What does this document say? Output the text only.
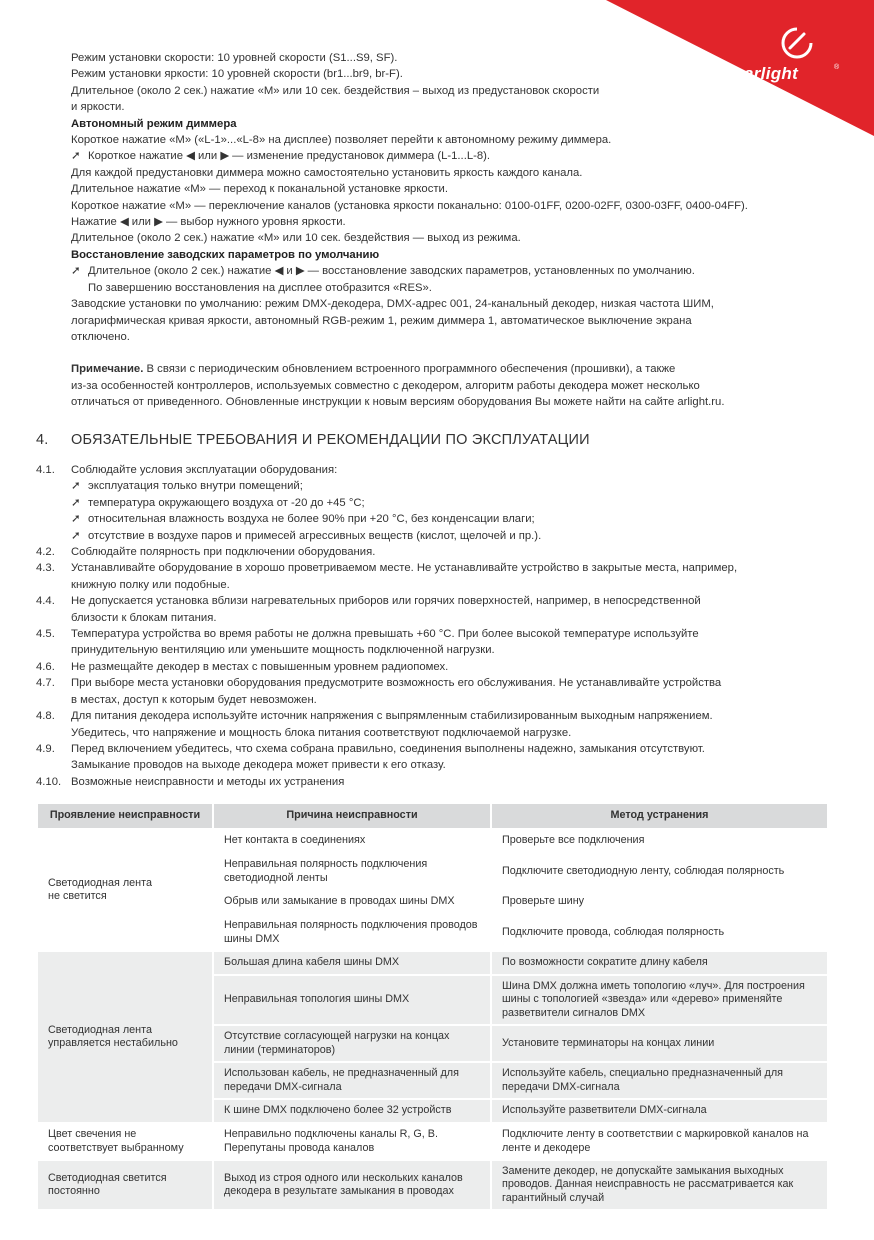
arlight	®

Режим установки скорости: 10 уровней скорости (S1...S9, SF).

Режим установки яркости: 10 уровней скорости (br1...br9, br-F).

Длительное (около 2 сек.) нажатие «M» или 10 сек. бездействия – выход из предустановок скорости

и яркости.

Автономный режим диммера

Короткое нажатие «M» («L-1»...«L-8» на дисплее) позволяет перейти к автономному режиму диммера.

➚ Короткое нажатие ◀ или ▶ — изменение предустановок диммера (L-1...L-8).

Для каждой предустановки диммера можно самостоятельно установить яркость каждого канала.

Длительное нажатие «M» — переход к поканальной установке яркости.

Короткое нажатие «M» — переключение каналов (установка яркости поканально: 0100-01FF, 0200-02FF, 0300-03FF, 0400-04FF).

Нажатие ◀ или ▶ — выбор нужного уровня яркости.

Длительное (около 2 сек.) нажатие «M» или 10 сек. бездействия — выход из режима.

Восстановление заводских параметров по умолчанию

➚ Длительное (около 2 сек.) нажатие ◀ и ▶ — восстановление заводских параметров, установленных по умолчанию.

По завершению восстановления на дисплее отобразится «RES».

Заводские установки по умолчанию: режим DMX-декодера, DMX-адрес 001, 24-канальный декодер, низкая частота ШИМ,

логарифмическая кривая яркости, автономный RGB-режим 1, режим диммера 1, автоматическое выключение экрана

отключено.

Примечание. В связи с периодическим обновлением встроенного программного обеспечения (прошивки), а также

из-за особенностей контроллеров, используемых совместно с декодером, алгоритм работы декодера может несколько

отличаться от приведенного. Обновленные инструкции к новым версиям оборудования Вы можете найти на сайте arlight.ru.

4. ОБЯЗАТЕЛЬНЫЕ ТРЕБОВАНИЯ И РЕКОМЕНДАЦИИ ПО ЭКСПЛУАТАЦИИ
4.1.	Соблюдайте условия эксплуатации оборудования:
➚ эксплуатация только внутри помещений;
➚ температура окружающего воздуха от -20 до +45 °С;
➚ относительная влажность воздуха не более 90% при +20 °С, без конденсации влаги;
➚ отсутствие в воздухе паров и примесей агрессивных веществ (кислот, щелочей и пр.).
4.2.	Соблюдайте полярность при подключении оборудования.
4.3.	Устанавливайте оборудование в хорошо проветриваемом месте. Не устанавливайте устройство в закрытые места, например,
книжную полку или подобные.
4.4.	Не допускается установка вблизи нагревательных приборов или горячих поверхностей, например, в непосредственной
близости к блокам питания.
4.5.	Температура устройства во время работы не должна превышать +60 °С. При более высокой температуре используйте
принудительную вентиляцию или уменьшите мощность подключенной нагрузки.
4.6.	Не размещайте декодер в местах с повышенным уровнем радиопомех.
4.7.	При выборе места установки оборудования предусмотрите возможность его обслуживания. Не устанавливайте устройства
в местах, доступ к которым будет невозможен.
4.8.	Для питания декодера используйте источник напряжения с выпрямленным стабилизированным выходным напряжением.
Убедитесь, что напряжение и мощность блока питания соответствуют подключаемой нагрузке.
4.9.	Перед включением убедитесь, что схема собрана правильно, соединения выполнены надежно, замыкания отсутствуют.
Замыкание проводов на выходе декодера может привести к его отказу.
4.10. Возможные неисправности и методы их устранения
Проявление неисправности	Причина неисправности	Метод устранения
Светодиодная лента
не светится	Нет контакта в соединениях	Проверьте все подключения
	Неправильная полярность подключения светодиодной ленты	Подключите светодиодную ленту, соблюдая полярность
	Обрыв или замыкание в проводах шины DMX	Проверьте шину
	Неправильная полярность подключения проводов шины DMX	Подключите провода, соблюдая полярность
Светодиодная лента
управляется нестабильно	Большая длина кабеля шины DMX	По возможности сократите длину кабеля
	Неправильная топология шины DMX	Шина DMX должна иметь топологию «луч». Для построения шины с топологией «звезда» или «дерево» применяйте разветвители сигналов DMX
	Отсутствие согласующей нагрузки на концах линии (терминаторов)	Установите терминаторы на концах линии
	Использован кабель, не предназначенный для передачи DMX-сигнала	Используйте кабель, специально предназначенный для передачи DMX-сигнала
	К шине DMX подключено более 32 устройств	Используйте разветвители DMX-сигнала
Цвет свечения не
соответствует выбранному	Неправильно подключены каналы R, G, B. Перепутаны провода каналов	Подключите ленту в соответствии с маркировкой каналов на ленте и декодере
Светодиодная светится
постоянно	Выход из строя одного или нескольких каналов декодера в результате замыкания в проводах	Замените декодер, не допускайте замыкания выходных проводов. Данная неисправность не рассматривается как гарантийный случай
